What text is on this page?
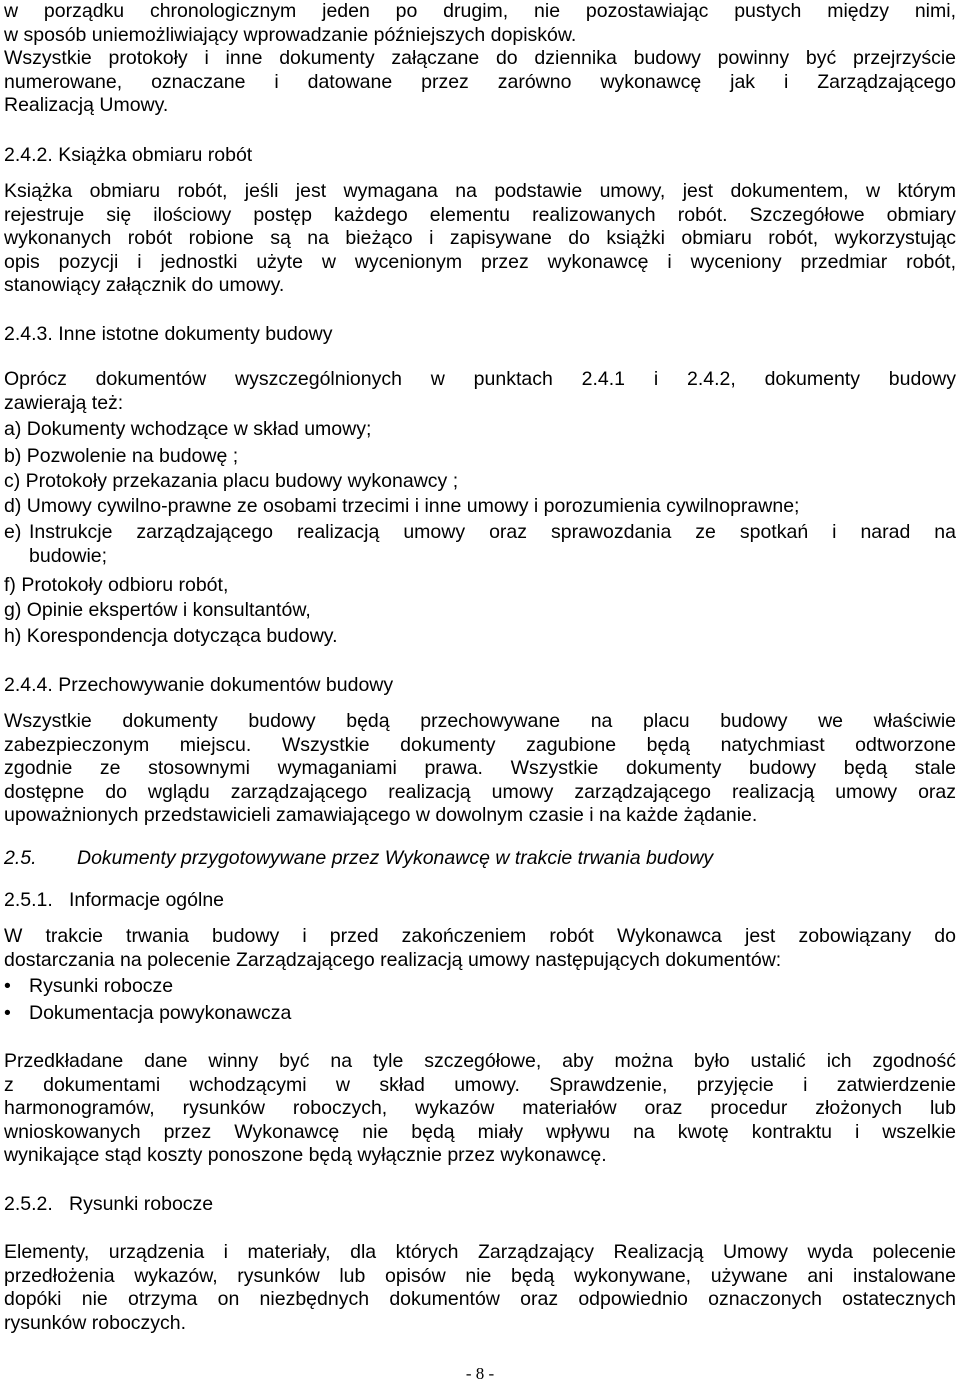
w porządku chronologicznym jeden po drugim, nie pozostawiając pustych między nimi,
w sposób uniemożliwiający wprowadzanie późniejszych dopisków.
Wszystkie protokoły i inne dokumenty załączane do dziennika budowy powinny być przejrzyście
numerowane, oznaczane i datowane przez zarówno wykonawcę jak i Zarządzającego
Realizacją Umowy.
2.4.2. Książka obmiaru robót
Książka obmiaru robót, jeśli jest wymagana na podstawie umowy, jest dokumentem, w którym
rejestruje się ilościowy postęp każdego elementu realizowanych robót. Szczegółowe obmiary
wykonanych robót robione są na bieżąco i zapisywane do książki obmiaru robót, wykorzystując
opis pozycji i jednostki użyte w wycenionym przez wykonawcę i wyceniony przedmiar robót,
stanowiący załącznik do umowy.
2.4.3. Inne istotne dokumenty budowy
Oprócz dokumentów wyszczególnionych w punktach 2.4.1 i 2.4.2, dokumenty budowy
zawierają też:
a) Dokumenty wchodzące w skład umowy;
b) Pozwolenie na budowę ;
c) Protokoły przekazania placu budowy wykonawcy ;
d) Umowy cywilno-prawne ze osobami trzecimi i inne umowy i porozumienia cywilnoprawne;
e) Instrukcje zarządzającego realizacją umowy oraz sprawozdania ze spotkań i narad na
budowie;
f) Protokoły odbioru robót,
g) Opinie ekspertów i konsultantów,
h) Korespondencja dotycząca budowy.
2.4.4. Przechowywanie dokumentów budowy
Wszystkie dokumenty budowy będą przechowywane na placu budowy we właściwie
zabezpieczonym miejscu. Wszystkie dokumenty zagubione będą natychmiast odtworzone
zgodnie ze stosownymi wymaganiami prawa. Wszystkie dokumenty budowy będą stale
dostępne do wglądu zarządzającego realizacją umowy zarządzającego realizacją umowy oraz
upoważnionych przedstawicieli zamawiającego w dowolnym czasie i na każde żądanie.
2.5. Dokumenty przygotowywane przez Wykonawcę w trakcie trwania budowy
2.5.1. Informacje ogólne
W trakcie trwania budowy i przed zakończeniem robót Wykonawca jest zobowiązany do
dostarczania na polecenie Zarządzającego realizacją umowy następujących dokumentów:
• Rysunki robocze
• Dokumentacja powykonawcza
Przedkładane dane winny być na tyle szczegółowe, aby można było ustalić ich zgodność
z dokumentami wchodzącymi w skład umowy. Sprawdzenie, przyjęcie i zatwierdzenie
harmonogramów, rysunków roboczych, wykazów materiałów oraz procedur złożonych lub
wnioskowanych przez Wykonawcę nie będą miały wpływu na kwotę kontraktu i wszelkie
wynikające stąd koszty ponoszone będą wyłącznie przez wykonawcę.
2.5.2. Rysunki robocze
Elementy, urządzenia i materiały, dla których Zarządzający Realizacją Umowy wyda polecenie
przedłożenia wykazów, rysunków lub opisów nie będą wykonywane, używane ani instalowane
dopóki nie otrzyma on niezbędnych dokumentów oraz odpowiednio oznaczonych ostatecznych
rysunków roboczych.
- 8 -
